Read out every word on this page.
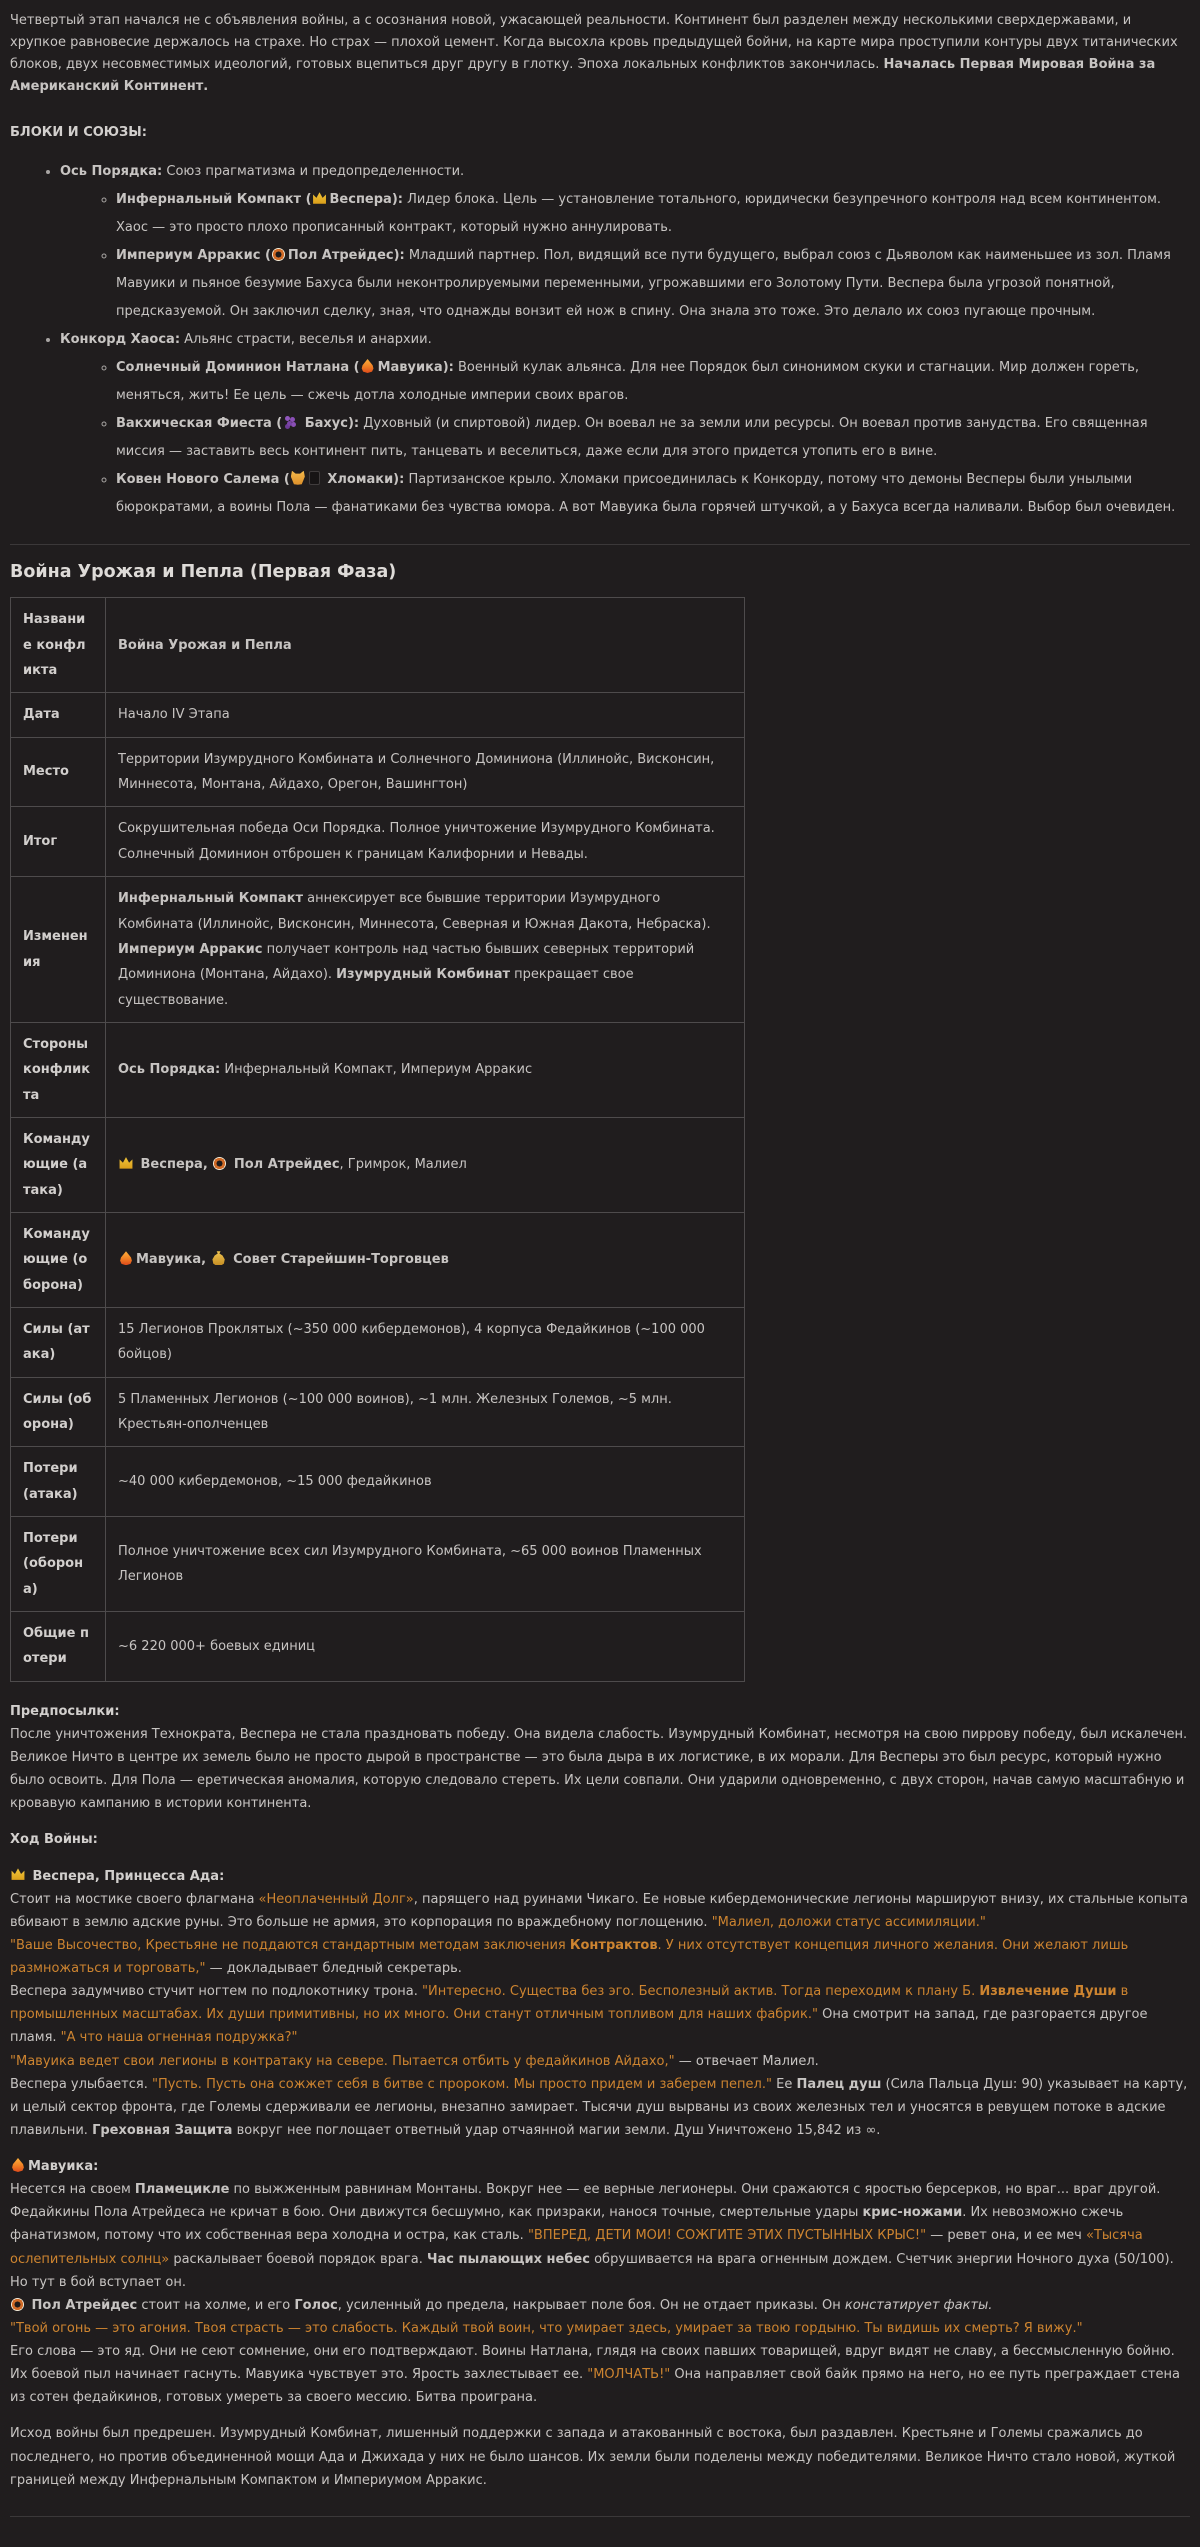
Четвертый этап начался не с объявления войны, а с осознания новой, ужасающей реальности. Континент был разделен между несколькими сверхдержавами, и хрупкое равновесие держалось на страхе. Но страх — плохой цемент. Когда высохла кровь предыдущей бойни, на карте мира проступили контуры двух титанических блоков, двух несовместимых идеологий, готовых вцепиться друг другу в глотку. Эпоха локальных конфликтов закончилась. Началась Первая Мировая Война за Американский Континент.

БЛОКИ И СОЮЗЫ:

• Ось Порядка: Союз прагматизма и предопределенности.
◦ Инфернальный Компакт ( Веспера): Лидер блока. Цель — установление тотального, юридически безупречного контроля над всем континентом. Хаос — это просто плохо прописанный контракт, который нужно аннулировать.
◦ Империум Арракис ( Пол Атрейдес): Младший партнер. Пол, видящий все пути будущего, выбрал союз с Дьяволом как наименьшее из зол. Пламя Мавуики и пьяное безумие Бахуса были неконтролируемыми переменными, угрожавшими его Золотому Пути. Веспера была угрозой понятной, предсказуемой. Он заключил сделку, зная, что однажды вонзит ей нож в спину. Она знала это тоже. Это делало их союз пугающе прочным.
• Конкорд Хаоса: Альянс страсти, веселья и анархии.
◦ Солнечный Доминион Натлана ( Мавуика): Военный кулак альянса. Для нее Порядок был синонимом скуки и стагнации. Мир должен гореть, меняться, жить! Ее цель — сжечь дотла холодные империи своих врагов.
◦ Вакхическая Фиеста ( Бахус): Духовный (и спиртовой) лидер. Он воевал не за земли или ресурсы. Он воевал против занудства. Его священная миссия — заставить весь континент пить, танцевать и веселиться, даже если для этого придется утопить его в вине.
◦ Ковен Нового Салема (	Хломаки): Партизанское крыло. Хломаки присоединилась к Конкорду, потому что демоны Весперы были унылыми бюрократами, а воины Пола — фанатиками без чувства юмора. А вот Мавуика была горячей штучкой, а у Бахуса всегда наливали. Выбор был очевиден.
Война Урожая и Пепла (Первая Фаза)
Название конфликта	Война Урожая и Пепла
Дата	Начало IV Этапа
Место	Территории Изумрудного Комбината и Солнечного Доминиона (Иллинойс, Висконсин, Миннесота, Монтана, Айдахо, Орегон, Вашингтон)
Итог	Сокрушительная победа Оси Порядка. Полное уничтожение Изумрудного Комбината. Солнечный Доминион отброшен к границам Калифорнии и Невады.
Изменения	Инфернальный Компакт аннексирует все бывшие территории Изумрудного Комбината (Иллинойс, Висконсин, Миннесота, Северная и Южная Дакота, Небраска). Империум Арракис получает контроль над частью бывших северных территорий Доминиона (Монтана, Айдахо). Изумрудный Комбинат прекращает свое существование.
Стороны конфликта	Ось Порядка: Инфернальный Компакт, Империум Арракис
Командующие (атака)	Веспера,  Пол Атрейдес, Гримрок, Малиел
Командующие (оборона)	Мавуика,  Совет Старейшин-Торговцев
Силы (атака)	15 Легионов Проклятых (~350 000 кибердемонов), 4 корпуса Федайкинов (~100 000 бойцов)
Силы (оборона)	5 Пламенных Легионов (~100 000 воинов), ~1 млн. Железных Големов, ~5 млн. Крестьян-ополченцев
Потери (атака)	~40 000 кибердемонов, ~15 000 федайкинов
Потери (оборона)	Полное уничтожение всех сил Изумрудного Комбината, ~65 000 воинов Пламенных Легионов
Общие потери	~6 220 000+ боевых единиц

Предпосылки:

После уничтожения Технократа, Веспера не стала праздновать победу. Она видела слабость. Изумрудный Комбинат, несмотря на свою пиррову победу, был искалечен. Великое Ничто в центре их земель было не просто дырой в пространстве — это была дыра в их логистике, в их морали. Для Весперы это был ресурс, который нужно было освоить. Для Пола — еретическая аномалия, которую следовало стереть. Их цели совпали. Они ударили одновременно, с двух сторон, начав самую масштабную и кровавую кампанию в истории континента.

Ход Войны:

Веспера, Принцесса Ада:

Стоит на мостике своего флагмана «Неоплаченный Долг», парящего над руинами Чикаго. Ее новые кибердемонические легионы маршируют внизу, их стальные копыта вбивают в землю адские руны. Это больше не армия, это корпорация по враждебному поглощению. "Малиел, доложи статус ассимиляции."

"Ваше Высочество, Крестьяне не поддаются стандартным методам заключения Контрактов. У них отсутствует концепция личного желания. Они желают лишь размножаться и торговать," — докладывает бледный секретарь.

Веспера задумчиво стучит ногтем по подлокотнику трона. "Интересно. Существа без эго. Бесполезный актив. Тогда переходим к плану Б. Извлечение Души в промышленных масштабах. Их души примитивны, но их много. Они станут отличным топливом для наших фабрик." Она смотрит на запад, где разгорается другое пламя. "А что наша огненная подружка?"

"Мавуика ведет свои легионы в контратаку на севере. Пытается отбить у федайкинов Айдахо," — отвечает Малиел.

Веспера улыбается. "Пусть. Пусть она сожжет себя в битве с пророком. Мы просто придем и заберем пепел." Ее Палец душ (Сила Пальца Душ: 90) указывает на карту, и целый сектор фронта, где Големы сдерживали ее легионы, внезапно замирает. Тысячи душ вырваны из своих железных тел и уносятся в ревущем потоке в адские плавильни. Греховная Защита вокруг нее поглощает ответный удар отчаянной магии земли. Душ Уничтожено 15,842 из ∞.

Мавуика:

Несется на своем Пламецикле по выжженным равнинам Монтаны. Вокруг нее — ее верные легионеры. Они сражаются с яростью берсерков, но враг... враг другой. Федайкины Пола Атрейдеса не кричат в бою. Они движутся бесшумно, как призраки, нанося точные, смертельные удары крис-ножами. Их невозможно сжечь фанатизмом, потому что их собственная вера холодна и остра, как сталь. "ВПЕРЕД, ДЕТИ МОИ! СОЖГИТЕ ЭТИХ ПУСТЫННЫХ КРЫС!" — ревет она, и ее меч «Тысяча ослепительных солнц» раскалывает боевой порядок врага. Час пылающих небес обрушивается на врага огненным дождем. Счетчик энергии Ночного духа (50/100).

Но тут в бой вступает он.

Пол Атрейдес стоит на холме, и его Голос, усиленный до предела, накрывает поле боя. Он не отдает приказы. Он констатирует факты.

"Твой огонь — это агония. Твоя страсть — это слабость. Каждый твой воин, что умирает здесь, умирает за твою гордыню. Ты видишь их смерть? Я вижу."

Его слова — это яд. Они не сеют сомнение, они его подтверждают. Воины Натлана, глядя на своих павших товарищей, вдруг видят не славу, а бессмысленную бойню. Их боевой пыл начинает гаснуть. Мавуика чувствует это. Ярость захлестывает ее. "МОЛЧАТЬ!" Она направляет свой байк прямо на него, но ее путь преграждает стена из сотен федайкинов, готовых умереть за своего мессию. Битва проиграна.

Исход войны был предрешен. Изумрудный Комбинат, лишенный поддержки с запада и атакованный с востока, был раздавлен. Крестьяне и Големы сражались до последнего, но против объединенной мощи Ада и Джихада у них не было шансов. Их земли были поделены между победителями. Великое Ничто стало новой, жуткой границей между Инфернальным Компактом и Империумом Арракис.
